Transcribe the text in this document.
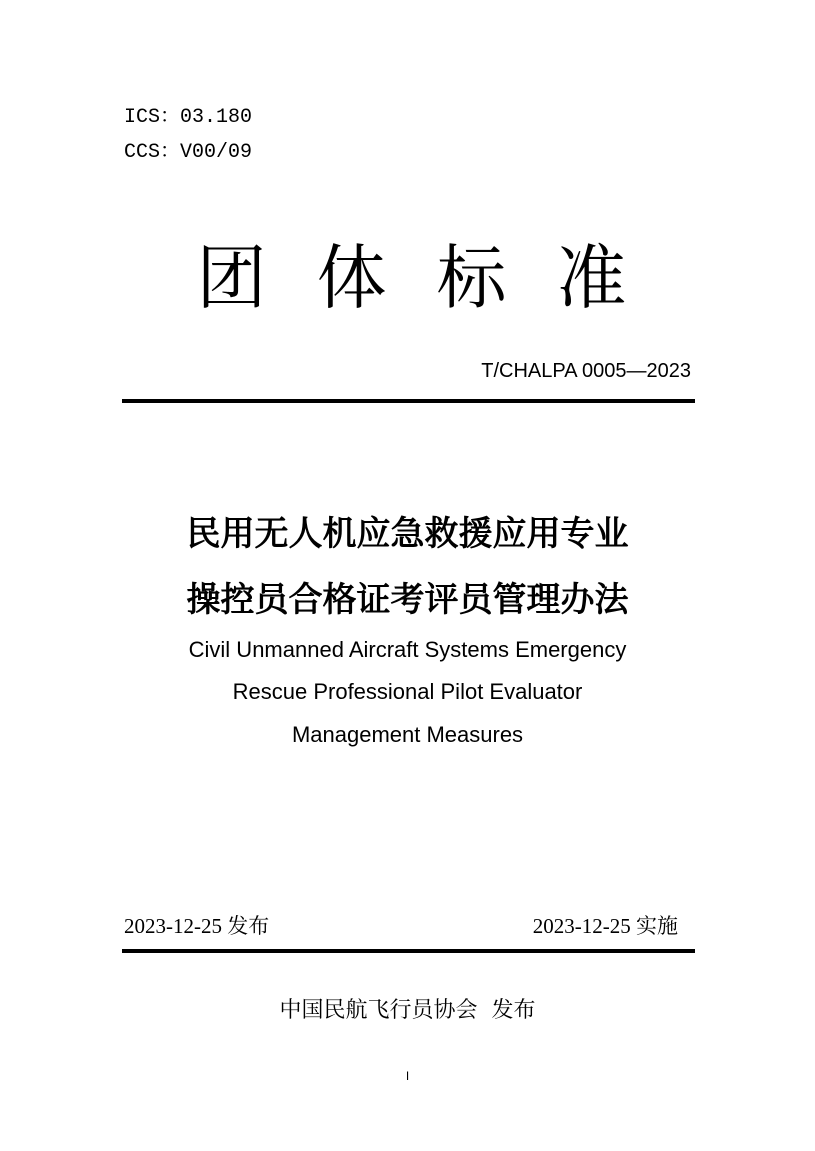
ICS：03.180
CCS：V00/09
团体标准
T/CHALPA 0005—2023
民用无人机应急救援应用专业
操控员合格证考评员管理办法
Civil Unmanned Aircraft Systems Emergency
Rescue Professional Pilot Evaluator
Management Measures
2023-12-25 发布	2023-12-25 实施
中国民航飞行员协会  发布
I
